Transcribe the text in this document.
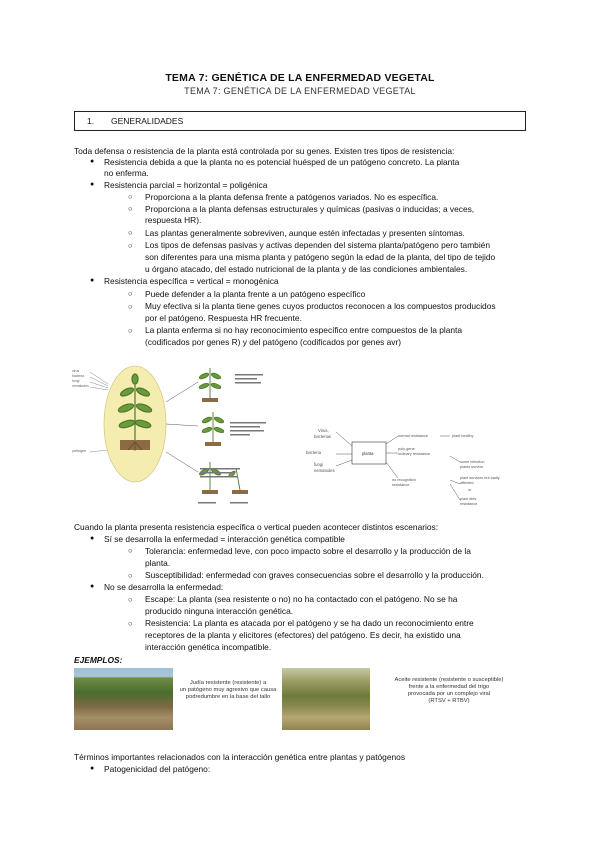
TEMA 7: GENÉTICA DE LA ENFERMEDAD VEGETAL
TEMA 7: GENÉTICA DE LA ENFERMEDAD VEGETAL
1. GENERALIDADES
Toda defensa o resistencia de la planta está controlada por su genes. Existen tres tipos de resistencia:
● Resistencia debida a que la planta no es potencial huésped de un patógeno concreto. La planta
no enferma.
● Resistencia parcial = horizontal = poligénica
○ Proporciona a la planta defensa frente a patógenos variados. No es específica.
○ Proporciona a la planta defensas estructurales y químicas (pasivas o inducidas; a veces,
respuesta HR).
○ Las plantas generalmente sobreviven, aunque estén infectadas y presenten síntomas.
○ Los tipos de defensas pasivas y activas dependen del sistema planta/patógeno pero también
son diferentes para una misma planta y patógeno según la edad de la planta, del tipo de tejido
u órgano atacado, del estado nutricional de la planta y de las condiciones ambientales.
● Resistencia específica = vertical = monogénica
○ Puede defender a la planta frente a un patógeno específico
○ Muy efectiva si la planta tiene genes cuyos productos reconocen a los compuestos producidos
por el patógeno. Respuesta HR frecuente.
○ La planta enferma si no hay reconocimiento específico entre compuestos de la planta
(codificados por genes R) y del patógeno (codificados por genes avr)
virus
bacteria
fungi
nematodes
pathogen
Virus,
bacterias
bacteria
fungi
nematodes
planta
normal resistance	plant healthy
poly-gene
ordinary resistance
some infection
plants survive
no recognition
resistance
plant survives but badly
affected
or
plant dies
resistance
Cuando la planta presenta resistencia específica o vertical pueden acontecer distintos escenarios:
● Sí se desarrolla la enfermedad = interacción genética compatible
○ Tolerancia: enfermedad leve, con poco impacto sobre el desarrollo y la producción de la
planta.
○ Susceptibilidad: enfermedad con graves consecuencias sobre el desarrollo y la producción.
● No se desarrolla la enfermedad:
○ Escape: La planta (sea resistente o no) no ha contactado con el patógeno. No se ha
producido ninguna interacción genética.
○ Resistencia: La planta es atacada por el patógeno y se ha dado un reconocimiento entre
receptores de la planta y elicitores (efectores) del patógeno. Es decir, ha existido una
interacción genética incompatible.
EJEMPLOS:
Judía resistente (resistente) a
un patógeno muy agresivo que causa
podredumbre en la base del tallo
Aceite resistente (resistente o susceptible)
frente a la enfermedad del trigo
provocada por un complejo viral
(RTSV + RTBV)
Términos importantes relacionados con la interacción genética entre plantas y patógenos
● Patogenicidad del patógeno:
